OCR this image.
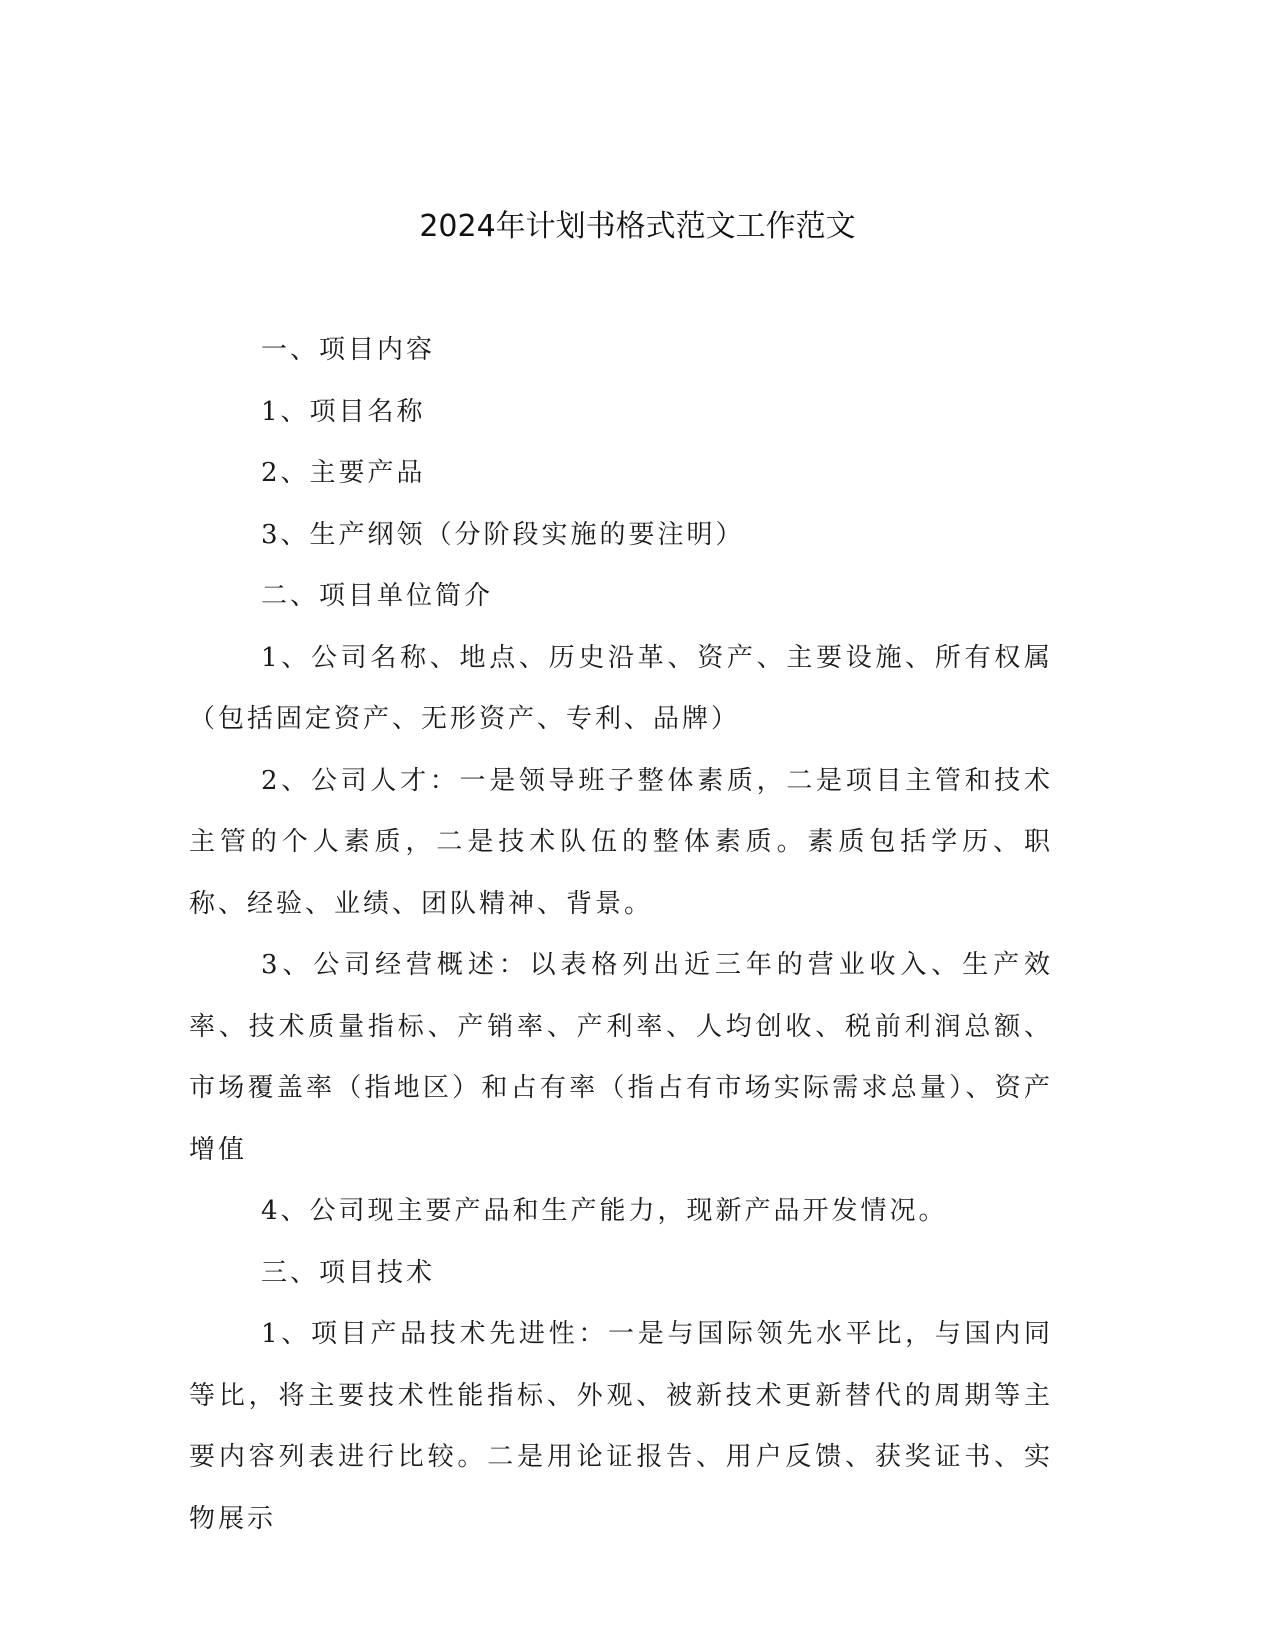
2024年计划书格式范文工作范文

一、项目内容

1、项目名称

2、主要产品

3、生产纲领（分阶段实施的要注明）

二、项目单位简介

1、公司名称、地点、历史沿革、资产、主要设施、所有权属（包括固定资产、无形资产、专利、品牌）

2、公司人才：一是领导班子整体素质，二是项目主管和技术主管的个人素质，二是技术队伍的整体素质。素质包括学历、职称、经验、业绩、团队精神、背景。

3、公司经营概述：以表格列出近三年的营业收入、生产效率、技术质量指标、产销率、产利率、人均创收、税前利润总额、市场覆盖率（指地区）和占有率（指占有市场实际需求总量）、资产增值

4、公司现主要产品和生产能力，现新产品开发情况。

三、项目技术

1、项目产品技术先进性：一是与国际领先水平比，与国内同等比，将主要技术性能指标、外观、被新技术更新替代的周期等主要内容列表进行比较。二是用论证报告、用户反馈、获奖证书、实物展示
